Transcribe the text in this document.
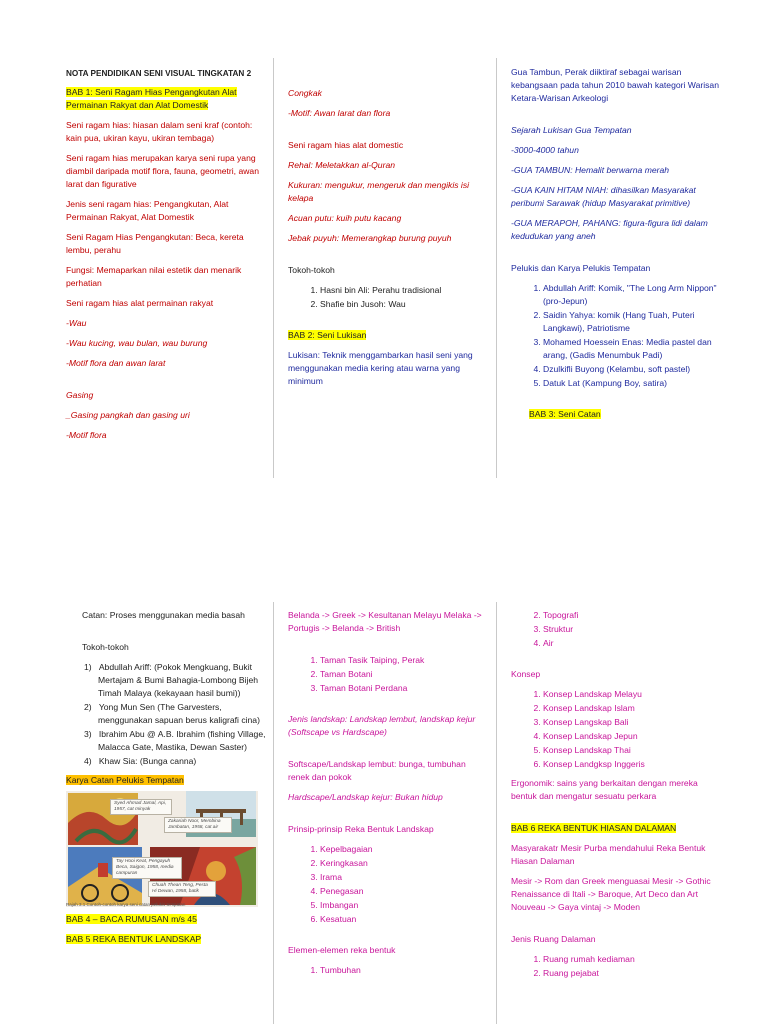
NOTA PENDIDIKAN SENI VISUAL TINGKATAN 2

BAB 1: Seni Ragam Hias Pengangkutan Alat Permainan Rakyat dan Alat Domestik

Seni ragam hias: hiasan dalam seni kraf (contoh: kain pua, ukiran kayu, ukiran tembaga)

Seni ragam hias merupakan karya seni rupa yang diambil daripada motif flora, fauna, geometri, awan larat dan figurative

Jenis seni ragam hias: Pengangkutan, Alat Permainan Rakyat, Alat Domestik

Seni Ragam Hias Pengangkutan: Beca, kereta lembu, perahu

Fungsi: Memaparkan nilai estetik dan menarik perhatian

Seni ragam hias alat permainan rakyat

-Wau

-Wau kucing, wau bulan, wau burung

-Motif flora dan awan larat

Gasing

_Gasing pangkah dan gasing uri

-Motif flora

Congkak

-Motif: Awan larat dan flora

Seni ragam hias alat domestic

Rehal: Meletakkan al-Quran

Kukuran: mengukur, mengeruk dan mengikis isi kelapa

Acuan putu: kuih putu kacang

Jebak puyuh: Memerangkap burung puyuh

Tokoh-tokoh

1. Hasni bin Ali: Perahu tradisional
2. Shafie bin Jusoh: Wau

BAB 2: Seni Lukisan

Lukisan: Teknik menggambarkan hasil seni yang menggunakan media kering atau warna yang minimum

Gua Tambun, Perak diiktiraf sebagai warisan kebangsaan pada tahun 2010 bawah kategori Warisan Ketara-Warisan Arkeologi

Sejarah Lukisan Gua Tempatan

-3000-4000 tahun

-GUA TAMBUN: Hemalit berwarna merah

-GUA KAIN HITAM NIAH: dihasilkan Masyarakat peribumi Sarawak (hidup Masyarakat primitive)

-GUA MERAPOH, PAHANG: figura-figura lidi dalam kedudukan yang aneh

Pelukis dan Karya Pelukis Tempatan

1. Abdullah Ariff: Komik, "The Long Arm Nippon" (pro-Jepun)
2. Saidin Yahya: komik (Hang Tuah, Puteri Langkawi), Patriotisme
3. Mohamed Hoessein Enas: Media pastel dan arang, (Gadis Menumbuk Padi)
4. Dzulkifli Buyong (Kelambu, soft pastel)
5. Datuk Lat (Kampung Boy, satira)

BAB 3: Seni Catan

Catan: Proses menggunakan media basah

Tokoh-tokoh

1)   Abdullah Ariff: (Pokok Mengkuang, Bukit Mertajam & Bumi Bahagia-Lombong Bijeh Timah Malaya (kekayaan hasil bumi))
2)   Yong Mun Sen (The Garvesters, menggunakan sapuan berus kaligrafi cina)
3)   Ibrahim Abu @ A.B. Ibrahim (fishing Village, Malacca Gate, Mastika, Dewan Saster)
4)   Khaw Sia: (Bunga canna)

Karya Catan Pelukis Tempatan

Syed Ahmad Jamal, Api, 1957, cat minyak
Zakariah Noor, Membina Jambatan, 1958, cat air
Tay Hooi Keat, Pengayuh Beca, Saigon, 1958, media campuran
Chuah Thean Teng, Pesta Hi Dewan, 1958, batik
Rajah 3.1 Contoh-contoh karya seni catan pelukis tempatan

BAB 4 – BACA RUMUSAN m/s 45

BAB 5 REKA BENTUK LANDSKAP

Belanda -> Greek -> Kesultanan Melayu Melaka -> Portugis -> Belanda -> British

1. Taman Tasik Taiping, Perak
2. Taman Botani
3. Taman Botani Perdana

Jenis landskap: Landskap lembut, landskap kejur (Softscape vs Hardscape)

Softscape/Landskap lembut: bunga, tumbuhan renek dan pokok

Hardscape/Landskap kejur: Bukan hidup

Prinsip-prinsip Reka Bentuk Landskap

1. Kepelbagaian
2. Keringkasan
3. Irama
4. Penegasan
5. Imbangan
6. Kesatuan

Elemen-elemen reka bentuk

1. Tumbuhan
2. Topografi
3. Struktur
4. Air

Konsep

1. Konsep Landskap Melayu
2. Konsep Landskap Islam
3. Konsep Langskap Bali
4. Konsep Landskap Jepun
5. Konsep Landskap Thai
6. Konsep Landgksp Inggeris

Ergonomik: sains yang berkaitan dengan mereka bentuk dan mengatur sesuatu perkara

BAB 6 REKA BENTUK HIASAN DALAMAN

Masyarakatr Mesir Purba mendahului Reka Bentuk Hiasan Dalaman

Mesir -> Rom dan Greek menguasai Mesir -> Gothic Renaissance di Itali -> Baroque, Art Deco dan Art Nouveau -> Gaya vintaj -> Moden

Jenis Ruang Dalaman

1. Ruang rumah kediaman
2. Ruang pejabat
